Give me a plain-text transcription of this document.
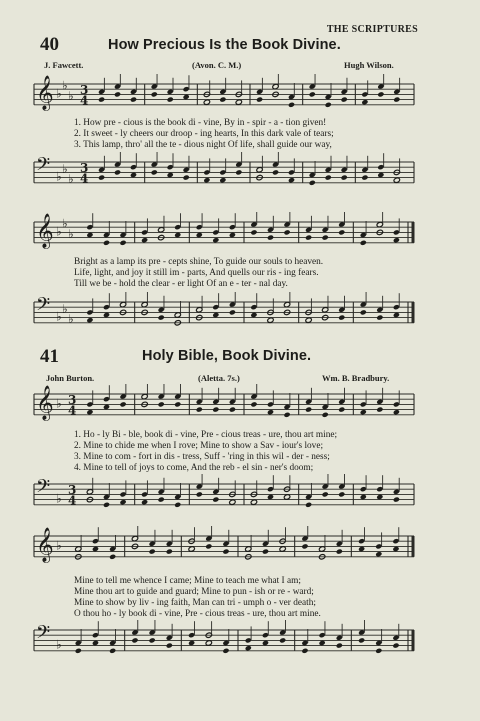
THE SCRIPTURES
40	How Precious Is the Book Divine.
J. Fawcett.	(Avon. C. M.)	Hugh Wilson.
𝄞 ♭
♭
♭ 3
4
1. How pre - cious is the book di - vine, By in - spir - a - tion given!
2. It sweet - ly cheers our droop - ing hearts, In this dark vale of tears;
3. This lamp, thro' all the te - dious night Of life, shall guide our way,
𝄢 ♭
♭
♭
3
4
𝄞 ♭
♭
♭
Bright as a lamp its pre - cepts shine, To guide our souls to heaven.
Life, light, and joy it still im - parts, And quells our ris - ing fears.
Till we be - hold the clear - er light Of an e - ter - nal day.
𝄢 ♭
♭
♭
41	Holy Bible, Book Divine.
John Burton.	(Aletta. 7s.)	Wm. B. Bradbury.
𝄞 ♭ 3
4
1. Ho - ly Bi - ble, book di - vine, Pre - cious treas - ure, thou art mine;
2. Mine to chide me when I rove; Mine to show a Sav - iour's love;
3. Mine to com - fort in dis - tress, Suff - 'ring in this wil - der - ness;
4. Mine to tell of joys to come, And the reb - el sin - ner's doom;
𝄢 ♭
3
4
𝄞 ♭
Mine to tell me whence I came; Mine to teach me what I am;
Mine thou art to guide and guard; Mine to pun - ish or re - ward;
Mine to show by liv - ing faith, Man can tri - umph o - ver death;
O thou ho - ly book di - vine, Pre - cious treas - ure, thou art mine.
𝄢 ♭
